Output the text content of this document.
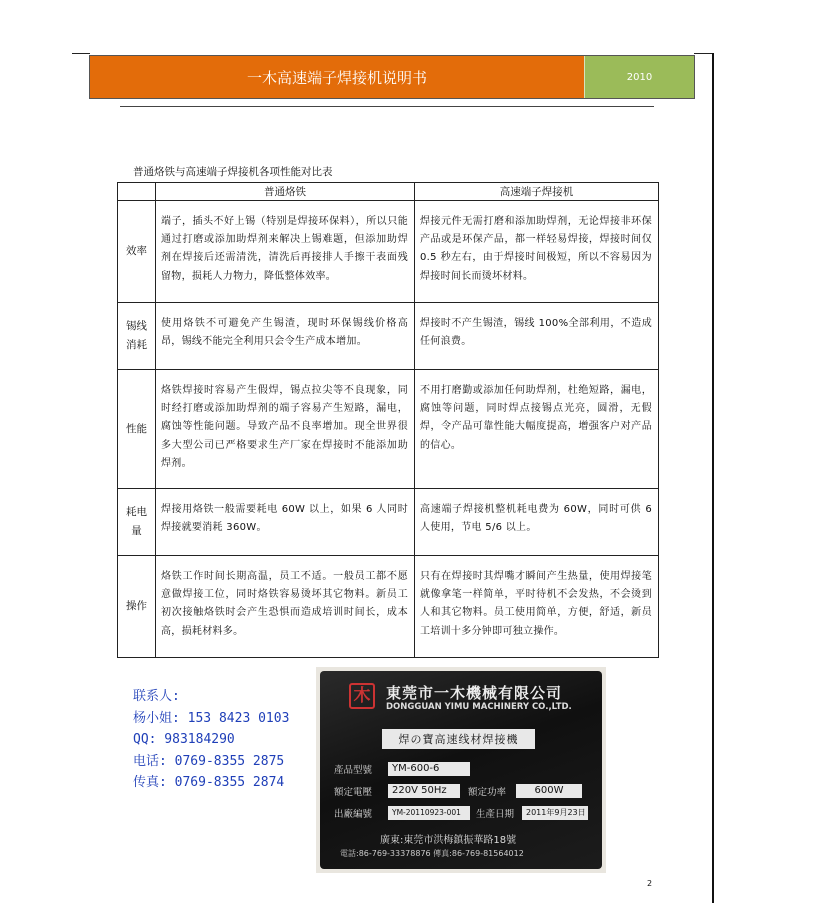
一木高速端子焊接机说明书	2010
普通烙铁与高速端子焊接机各项性能对比表
	普通烙铁	高速端子焊接机
效率	端子，插头不好上锡（特别是焊接环保料），所以只能通过打磨或添加助焊剂来解决上锡难题，但添加助焊剂在焊接后还需清洗，清洗后再接排人手擦干表面残留物，损耗人力物力，降低整体效率。	焊接元件无需打磨和添加助焊剂，无论焊接非环保产品或是环保产品，都一样轻易焊接，焊接时间仅 0.5 秒左右，由于焊接时间极短，所以不容易因为焊接时间长而烫坏材料。
锡线消耗	使用烙铁不可避免产生锡渣，现时环保锡线价格高昂，锡线不能完全利用只会令生产成本增加。	焊接时不产生锡渣，锡线 100%全部利用，不造成任何浪费。
性能	烙铁焊接时容易产生假焊，锡点拉尖等不良现象，同时经打磨或添加助焊剂的端子容易产生短路，漏电，腐蚀等性能问题。导致产品不良率增加。现全世界很多大型公司已严格要求生产厂家在焊接时不能添加助焊剂。	不用打磨勤或添加任何助焊剂，杜绝短路，漏电，腐蚀等问题，同时焊点接锡点光亮，圆滑，无假焊，令产品可靠性能大幅度提高，增强客户对产品的信心。
耗电量	焊接用烙铁一般需要耗电 60W 以上，如果 6 人同时焊接就要消耗 360W。	高速端子焊接机整机耗电费为 60W，同时可供 6 人使用，节电 5/6 以上。
操作	烙铁工作时间长期高温，员工不适。一般员工都不愿意做焊接工位，同时烙铁容易烫坏其它物料。新员工初次接触烙铁时会产生恐惧而造成培训时间长，成本高，损耗材料多。	只有在焊接时其焊嘴才瞬间产生热量，使用焊接笔就像拿笔一样简单，平时待机不会发热，不会烫到人和其它物料。员工使用简单，方便，舒适，新员工培训十多分钟即可独立操作。
联系人:
杨小姐: 153 8423 0103
QQ: 983184290
电话: 0769-8355 2875
传真: 0769-8355 2874
木 東莞市一木機械有限公司
DONGGUAN YIMU MACHINERY CO.,LTD.
焊の寶高速线材焊接機
產品型號	YM-600-6
額定電壓	220V 50Hz	額定功率	600W
出廠編號	YM-20110923-001	生產日期	2011年9月23日
廣東:東莞市洪梅鎮振華路18號
電話:86-769-33378876 傳真:86-769-81564012
2
